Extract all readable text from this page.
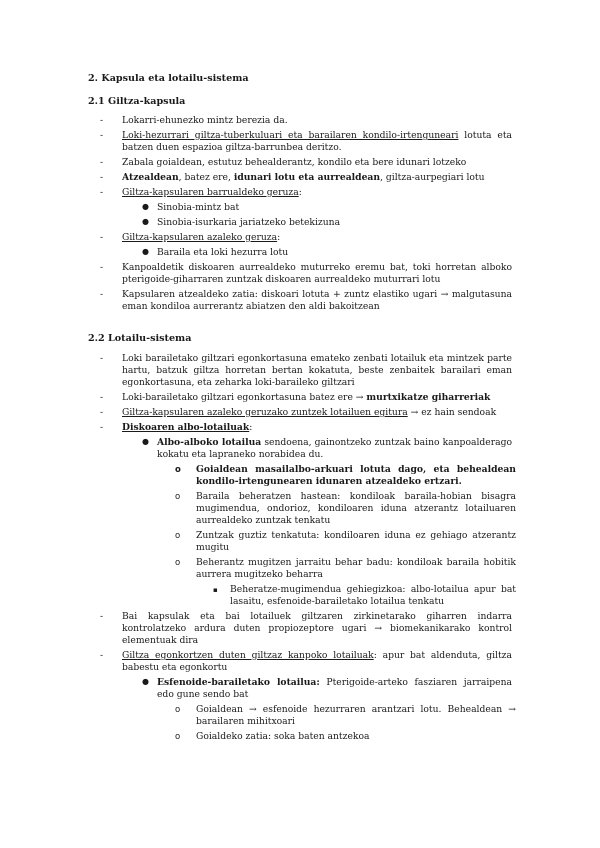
2. Kapsula eta lotailu-sistema
2.1 Giltza-kapsula
- Lokarri-ehunezko mintz berezia da.
- Loki-hezurrari giltza-tuberkuluari eta barailaren kondilo-irtenguneari lotuta eta batzen duen espazioa giltza-barrunbea deritzo.
- Zabala goialdean, estutuz behealderantz, kondilo eta bere idunari lotzeko
- Atzealdean, batez ere, idunari lotu eta aurrealdean, giltza-aurpegiari lotu
- Giltza-kapsularen barrualdeko geruza:
● Sinobia-mintz bat
● Sinobia-isurkaria jariatzeko betekizuna
- Giltza-kapsularen azaleko geruza:
● Baraila eta loki hezurra lotu
- Kanpoaldetik diskoaren aurrealdeko muturreko eremu bat, toki horretan alboko pterigoide-giharraren zuntzak diskoaren aurrealdeko muturrari lotu
- Kapsularen atzealdeko zatia: diskoari lotuta + zuntz elastiko ugari → malgutasuna eman kondiloa aurrerantz abiatzen den aldi bakoitzean
2.2 Lotailu-sistema
- Loki barailetako giltzari egonkortasuna emateko zenbati lotailuk eta mintzek parte hartu, batzuk giltza horretan bertan kokatuta, beste zenbaitek barailari eman egonkortasuna, eta zeharka loki-baraileko giltzari
- Loki-barailetako giltzari egonkortasuna batez ere → murtxikatze giharreriak
- Giltza-kapsularen azaleko geruzako zuntzek lotailuen egitura → ez hain sendoak
- Diskoaren albo-lotailuak:
● Albo-alboko lotailua sendoena, gainontzeko zuntzak baino kanpoalderago kokatu eta lapraneko norabidea du.
o Goialdean masailalbo-arkuari lotuta dago, eta behealdean kondilo-irtengunearen idunaren atzealdeko ertzari.
o Baraila beheratzen hastean: kondiloak baraila-hobian bisagra mugimendua, ondorioz, kondiloaren iduna atzerantz lotailuaren aurrealdeko zuntzak tenkatu
o Zuntzak guztiz tenkatuta: kondiloaren iduna ez gehiago atzerantz mugitu
o Beherantz mugitzen jarraitu behar badu: kondiloak baraila hobitik aurrera mugitzeko beharra
▪ Beheratze-mugimendua gehiegizkoa: albo-lotailua apur bat lasaitu, esfenoide-barailetako lotailua tenkatu
- Bai kapsulak eta bai lotailuek giltzaren zirkinetarako giharren indarra kontrolatzeko ardura duten propiozeptore ugari → biomekanikarako kontrol elementuak dira
- Giltza egonkortzen duten giltzaz kanpoko lotailuak: apur bat aldenduta, giltza babestu eta egonkortu
● Esfenoide-barailetako lotailua: Pterigoide-arteko fasziaren jarraipena edo gune sendo bat
o Goialdean → esfenoide hezurraren arantzari lotu. Behealdean → barailaren mihitxoari
o Goialdeko zatia: soka baten antzekoa
